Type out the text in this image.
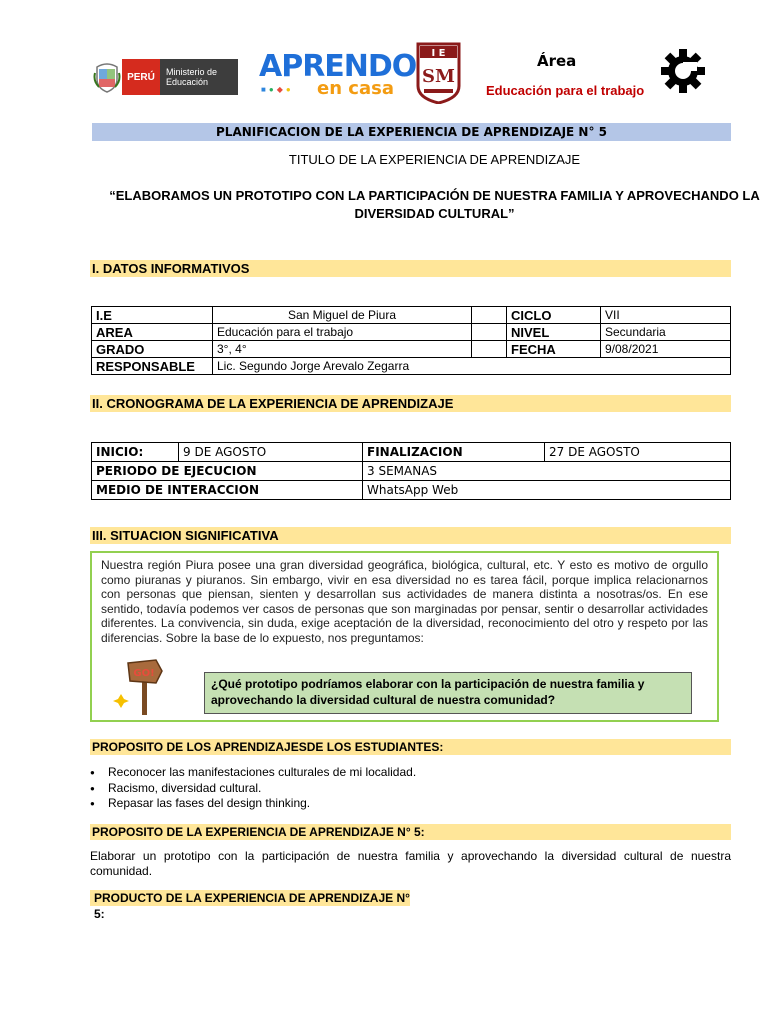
PERÚ	Ministerio de Educación	APRENDO
■●◆● en casa
I E
SM
Área
Educación para el trabajo
PLANIFICACION DE LA EXPERIENCIA DE APRENDIZAJE N° 5
TITULO DE LA EXPERIENCIA DE APRENDIZAJE
“ELABORAMOS UN PROTOTIPO CON LA PARTICIPACIÓN DE NUESTRA FAMILIA Y APROVECHANDO LA DIVERSIDAD CULTURAL”
I. DATOS INFORMATIVOS
I.E	San Miguel de Piura		CICLO	VII
AREA	Educación para el trabajo		NIVEL	Secundaria
GRADO	3°, 4°		FECHA	9/08/2021
RESPONSABLE	Lic. Segundo Jorge Arevalo Zegarra			
II. CRONOGRAMA DE LA EXPERIENCIA DE APRENDIZAJE
INICIO:	9 DE AGOSTO	FINALIZACION	27 DE AGOSTO
PERIODO DE EJECUCION		3 SEMANAS	
MEDIO DE INTERACCION		WhatsApp Web	
III. SITUACION SIGNIFICATIVA
Nuestra región Piura posee una gran diversidad geográfica, biológica, cultural, etc. Y esto es motivo de orgullo como piuranas y piuranos. Sin embargo, vivir en esa diversidad no es tarea fácil, porque implica relacionarnos con personas que piensan, sienten y desarrollan sus actividades de manera distinta a nosotras/os. En ese sentido, todavía podemos ver casos de personas que son marginadas por pensar, sentir o desarrollar actividades diferentes. La convivencia, sin duda, exige aceptación de la diversidad, reconocimiento del otro y respeto por las diferencias. Sobre la base de lo expuesto, nos preguntamos:
GO!
¿Qué prototipo podríamos elaborar con la participación de nuestra familia y aprovechando la diversidad cultural de nuestra comunidad?
PROPOSITO DE LOS APRENDIZAJESDE LOS ESTUDIANTES:
● Reconocer las manifestaciones culturales de mi localidad.
● Racismo, diversidad cultural.
● Repasar las fases del design thinking.
PROPOSITO DE LA EXPERIENCIA DE APRENDIZAJE N° 5:
Elaborar un prototipo con la participación de nuestra familia y aprovechando la diversidad cultural de nuestra comunidad.
PRODUCTO DE LA EXPERIENCIA DE APRENDIZAJE N° 5:
